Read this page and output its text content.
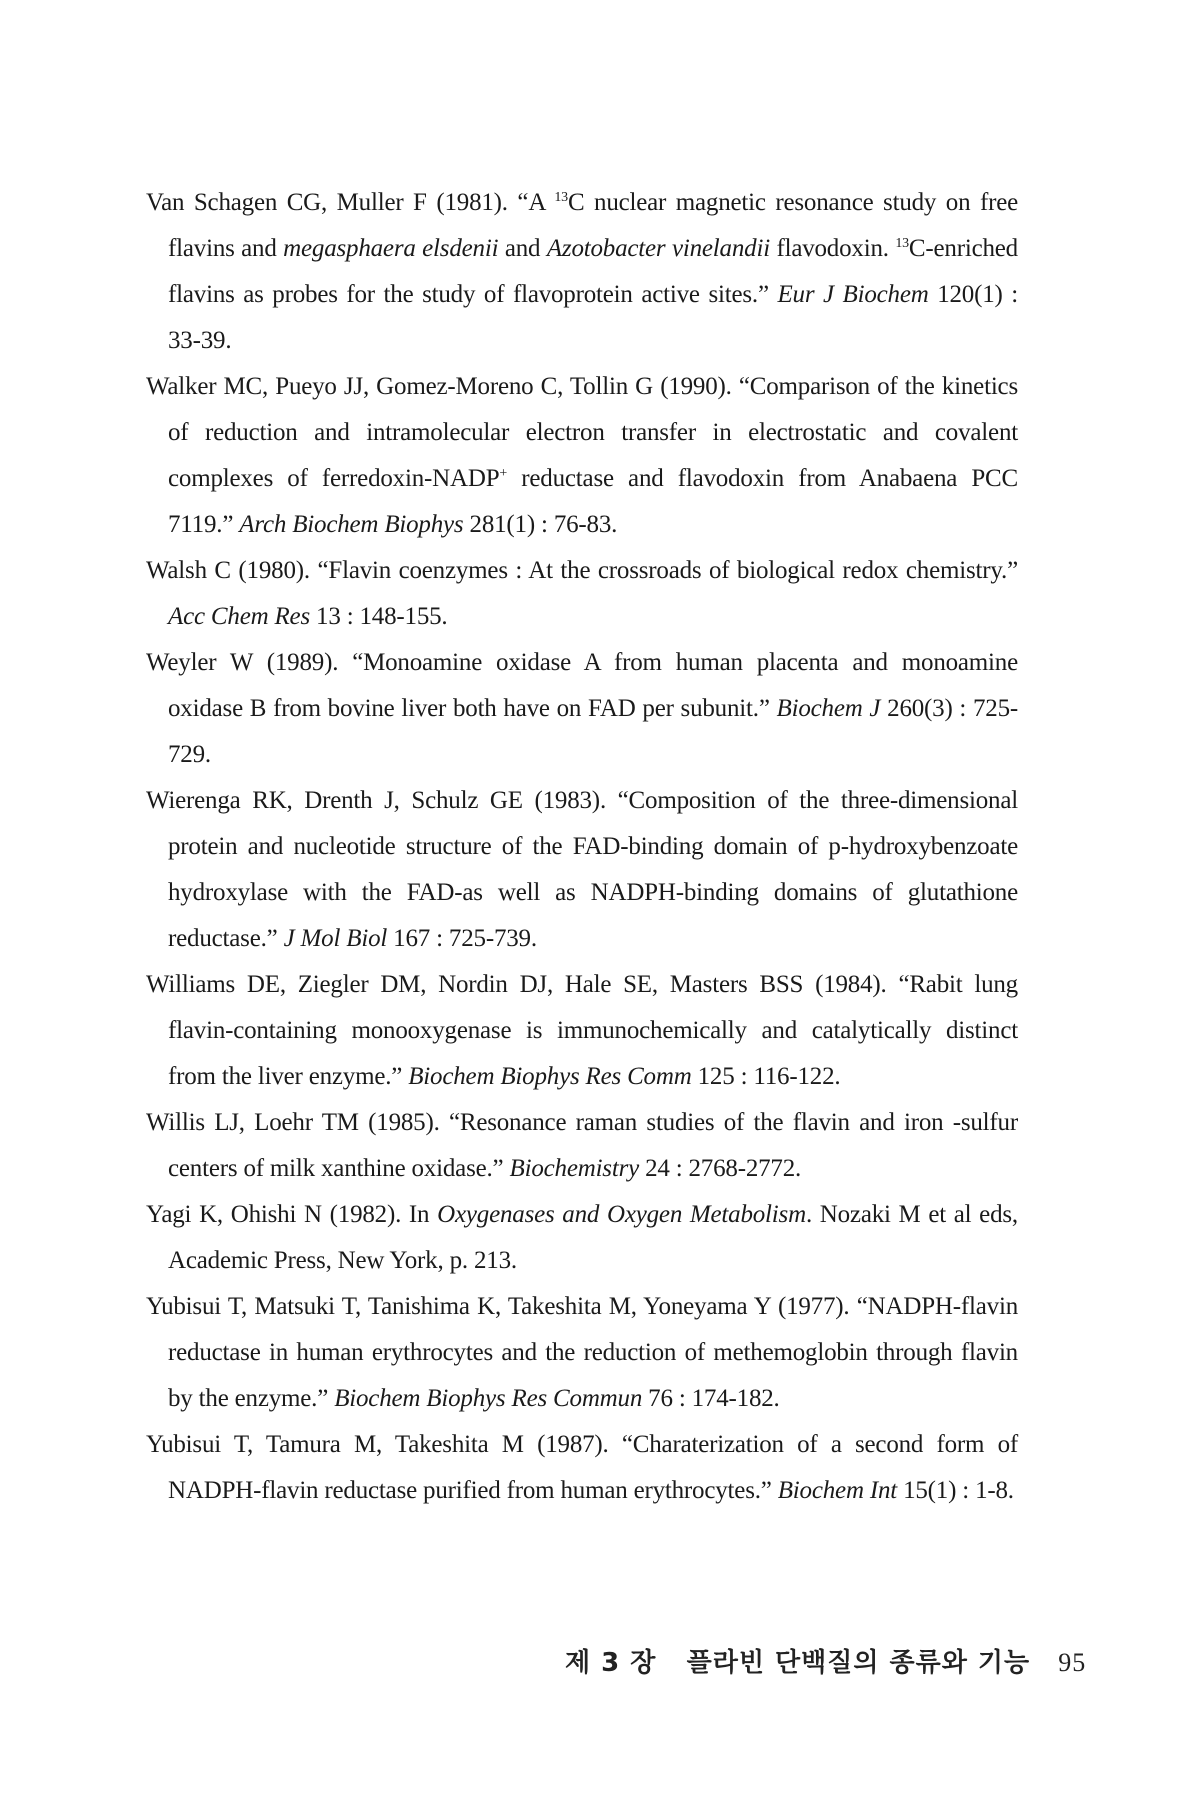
Van Schagen CG, Muller F (1981). “A $^{13}$C nuclear magnetic resonance study on free flavins and megasphaera elsdenii and Azotobacter vinelandii flavodoxin. $^{13}$C-enriched flavins as probes for the study of flavoprotein active sites.” Eur J Biochem 120(1) : 33-39.

Walker MC, Pueyo JJ, Gomez-Moreno C, Tollin G (1990). “Comparison of the kinetics of reduction and intramolecular electron transfer in electrostatic and covalent complexes of ferredoxin-NADP+ reductase and flavodoxin from Anabaena PCC 7119.” Arch Biochem Biophys 281(1) : 76-83.

Walsh C (1980). “Flavin coenzymes : At the crossroads of biological redox chemistry.” Acc Chem Res 13 : 148-155.

Weyler W (1989). “Monoamine oxidase A from human placenta and monoamine oxidase B from bovine liver both have on FAD per subunit.” Biochem J 260(3) : 725-729.

Wierenga RK, Drenth J, Schulz GE (1983). “Composition of the three-dimensional protein and nucleotide structure of the FAD-binding domain of p-hydroxybenzoate hydroxylase with the FAD-as well as NADPH-binding domains of glutathione reductase.” J Mol Biol 167 : 725-739.

Williams DE, Ziegler DM, Nordin DJ, Hale SE, Masters BSS (1984). “Rabit lung flavin-containing monooxygenase is immunochemically and catalytically distinct from the liver enzyme.” Biochem Biophys Res Comm 125 : 116-122.

Willis LJ, Loehr TM (1985). “Resonance raman studies of the flavin and iron -sulfur centers of milk xanthine oxidase.” Biochemistry 24 : 2768-2772.

Yagi K, Ohishi N (1982). In Oxygenases and Oxygen Metabolism. Nozaki M et al eds, Academic Press, New York, p. 213.

Yubisui T, Matsuki T, Tanishima K, Takeshita M, Yoneyama Y (1977). “NADPH-flavin reductase in human erythrocytes and the reduction of methemoglobin through flavin by the enzyme.” Biochem Biophys Res Commun 76 : 174-182.

Yubisui T, Tamura M, Takeshita M (1987). “Charaterization of a second form of NADPH-flavin reductase purified from human erythrocytes.” Biochem Int 15(1) : 1-8.

제 3 장 플라빈 단백질의 종류와 기능 95
